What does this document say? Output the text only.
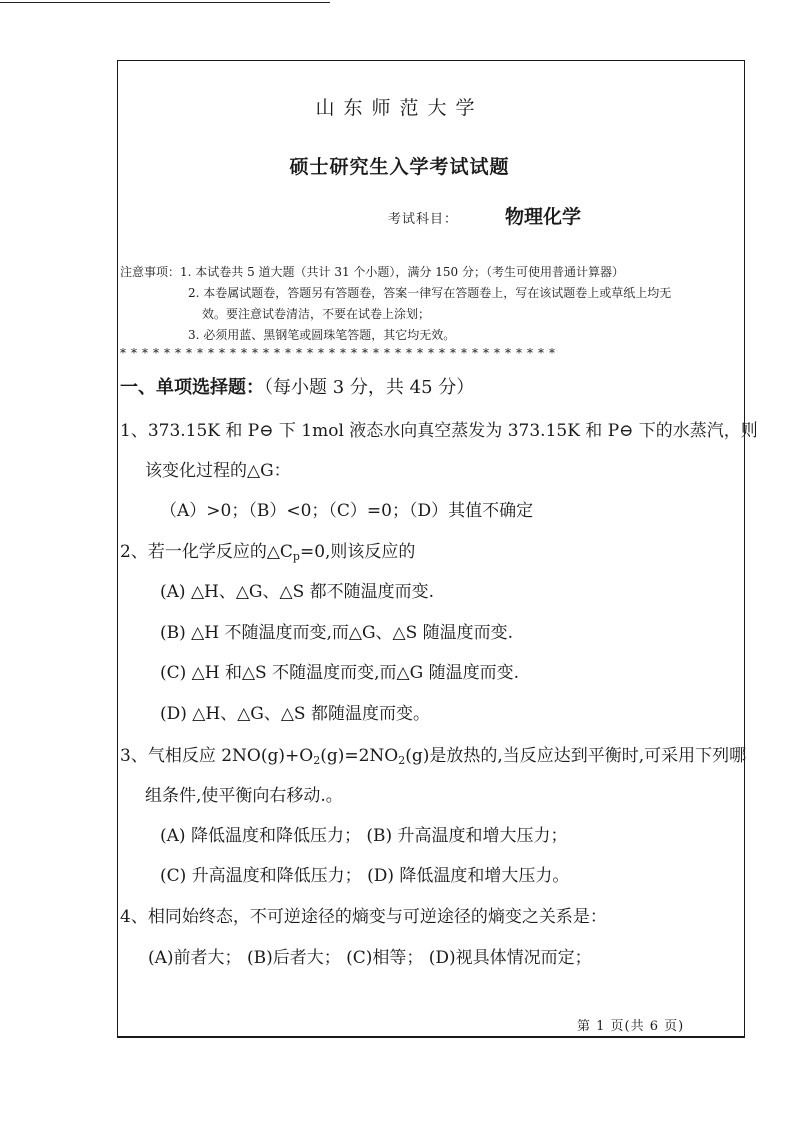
山东师范大学
硕士研究生入学考试试题
考试科目： 物理化学
注意事项：1. 本试卷共 5 道大题（共计 31 个小题），满分 150 分；（考生可使用普通计算器）
2. 本卷属试题卷，答题另有答题卷，答案一律写在答题卷上，写在该试题卷上或草纸上均无
效。要注意试卷清洁，不要在试卷上涂划；
3. 必须用蓝、黑钢笔或圆珠笔答题，其它均无效。
****************************************
一、单项选择题：（每小题 3 分，共 45 分）
1、373.15K 和 P⊖ 下 1mol 液态水向真空蒸发为 373.15K 和 P⊖ 下的水蒸汽，则
该变化过程的△G：
（A）>0；（B）<0；（C）=0；（D）其值不确定
2、若一化学反应的$\triangle C_p=0$,则该反应的
(A) △H、△G、△S 都不随温度而变.
(B) △H 不随温度而变,而△G、△S 随温度而变.
(C) △H 和△S 不随温度而变,而△G 随温度而变.
(D) △H、△G、△S 都随温度而变。
3、气相反应 $2NO(g)+O_2(g)=2NO_2(g)$是放热的,当反应达到平衡时,可采用下列哪
组条件,使平衡向右移动.。
(A) 降低温度和降低压力； (B) 升高温度和增大压力；
(C) 升高温度和降低压力； (D) 降低温度和增大压力。
4、相同始终态，不可逆途径的熵变与可逆途径的熵变之关系是：
(A)前者大； (B)后者大； (C)相等； (D)视具体情况而定；
第 1 页(共 6 页)
